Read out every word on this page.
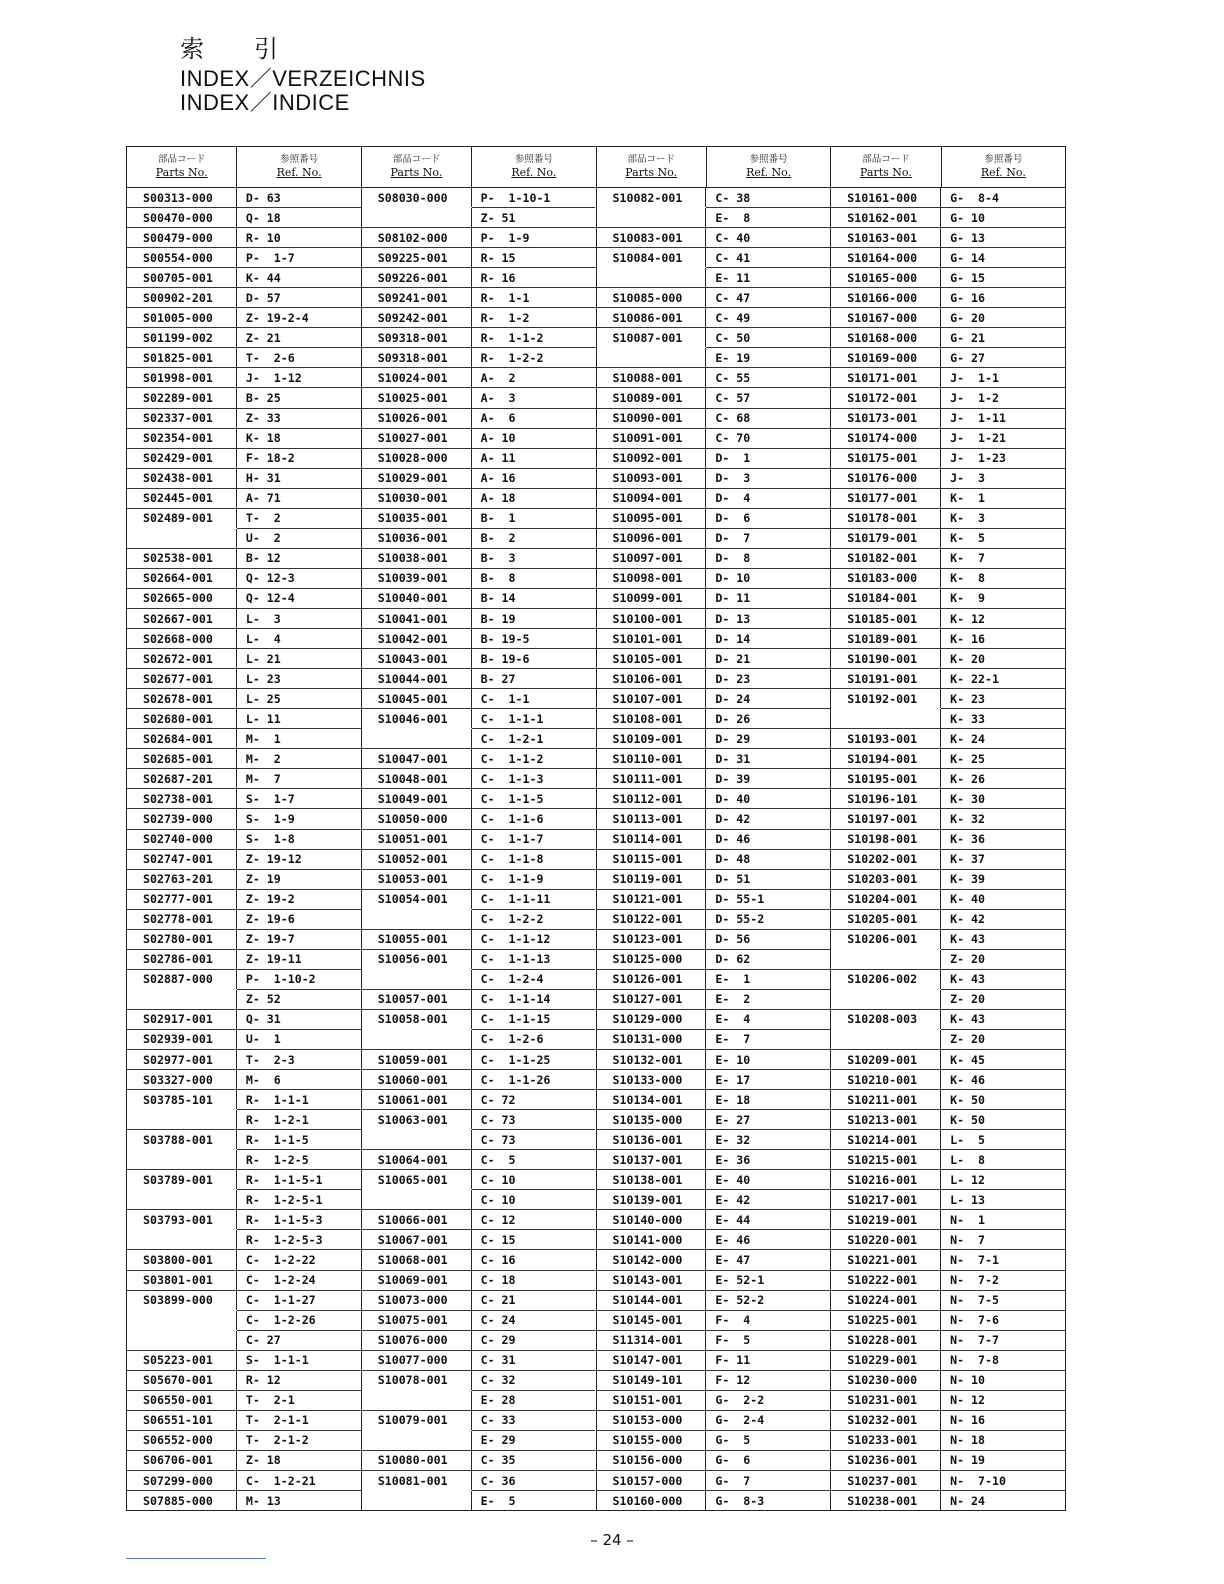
索引
INDEX／VERZEICHNIS
INDEX／INDICE
部品コード
Parts No.
参照番号
Ref. No.
S00313-000	D- 63
S00470-000	Q- 18
S00479-000	R- 10
S00554-000	P-  1-7
S00705-001	K- 44
S00902-201	D- 57
S01005-000	Z- 19-2-4
S01199-002	Z- 21
S01825-001	T-  2-6
S01998-001	J-  1-12
S02289-001	B- 25
S02337-001	Z- 33
S02354-001	K- 18
S02429-001	F- 18-2
S02438-001	H- 31
S02445-001	A- 71
S02489-001	T-  2
U-  2
S02538-001	B- 12
S02664-001	Q- 12-3
S02665-000	Q- 12-4
S02667-001	L-  3
S02668-000	L-  4
S02672-001	L- 21
S02677-001	L- 23
S02678-001	L- 25
S02680-001	L- 11
S02684-001	M-  1
S02685-001	M-  2
S02687-201	M-  7
S02738-001	S-  1-7
S02739-000	S-  1-9
S02740-000	S-  1-8
S02747-001	Z- 19-12
S02763-201	Z- 19
S02777-001	Z- 19-2
S02778-001	Z- 19-6
S02780-001	Z- 19-7
S02786-001	Z- 19-11
S02887-000	P-  1-10-2
Z- 52
S02917-001	Q- 31
S02939-001	U-  1
S02977-001	T-  2-3
S03327-000	M-  6
S03785-101	R-  1-1-1
R-  1-2-1
S03788-001	R-  1-1-5
R-  1-2-5
S03789-001	R-  1-1-5-1
R-  1-2-5-1
S03793-001	R-  1-1-5-3
R-  1-2-5-3
S03800-001	C-  1-2-22
S03801-001	C-  1-2-24
S03899-000	C-  1-1-27
C-  1-2-26
C- 27
S05223-001	S-  1-1-1
S05670-001	R- 12
S06550-001	T-  2-1
S06551-101	T-  2-1-1
S06552-000	T-  2-1-2
S06706-001	Z- 18
S07299-000	C-  1-2-21
S07885-000	M- 13
部品コード
Parts No.
参照番号
Ref. No.
S08030-000	P-  1-10-1
Z- 51
S08102-000	P-  1-9
S09225-001	R- 15
S09226-001	R- 16
S09241-001	R-  1-1
S09242-001	R-  1-2
S09318-001	R-  1-1-2
S09318-001	R-  1-2-2
S10024-001	A-  2
S10025-001	A-  3
S10026-001	A-  6
S10027-001	A- 10
S10028-000	A- 11
S10029-001	A- 16
S10030-001	A- 18
S10035-001	B-  1
S10036-001	B-  2
S10038-001	B-  3
S10039-001	B-  8
S10040-001	B- 14
S10041-001	B- 19
S10042-001	B- 19-5
S10043-001	B- 19-6
S10044-001	B- 27
S10045-001	C-  1-1
S10046-001	C-  1-1-1
C-  1-2-1
S10047-001	C-  1-1-2
S10048-001	C-  1-1-3
S10049-001	C-  1-1-5
S10050-000	C-  1-1-6
S10051-001	C-  1-1-7
S10052-001	C-  1-1-8
S10053-001	C-  1-1-9
S10054-001	C-  1-1-11
C-  1-2-2
S10055-001	C-  1-1-12
S10056-001	C-  1-1-13
C-  1-2-4
S10057-001	C-  1-1-14
S10058-001	C-  1-1-15
C-  1-2-6
S10059-001	C-  1-1-25
S10060-001	C-  1-1-26
S10061-001	C- 72
S10063-001	C- 73
C- 73
S10064-001	C-  5
S10065-001	C- 10
C- 10
S10066-001	C- 12
S10067-001	C- 15
S10068-001	C- 16
S10069-001	C- 18
S10073-000	C- 21
S10075-001	C- 24
S10076-000	C- 29
S10077-000	C- 31
S10078-001	C- 32
E- 28
S10079-001	C- 33
E- 29
S10080-001	C- 35
S10081-001	C- 36
E-  5
部品コード
Parts No.
参照番号
Ref. No.
S10082-001	C- 38
E-  8
S10083-001	C- 40
S10084-001	C- 41
E- 11
S10085-000	C- 47
S10086-001	C- 49
S10087-001	C- 50
E- 19
S10088-001	C- 55
S10089-001	C- 57
S10090-001	C- 68
S10091-001	C- 70
S10092-001	D-  1
S10093-001	D-  3
S10094-001	D-  4
S10095-001	D-  6
S10096-001	D-  7
S10097-001	D-  8
S10098-001	D- 10
S10099-001	D- 11
S10100-001	D- 13
S10101-001	D- 14
S10105-001	D- 21
S10106-001	D- 23
S10107-001	D- 24
S10108-001	D- 26
S10109-001	D- 29
S10110-001	D- 31
S10111-001	D- 39
S10112-001	D- 40
S10113-001	D- 42
S10114-001	D- 46
S10115-001	D- 48
S10119-001	D- 51
S10121-001	D- 55-1
S10122-001	D- 55-2
S10123-001	D- 56
S10125-000	D- 62
S10126-001	E-  1
S10127-001	E-  2
S10129-000	E-  4
S10131-000	E-  7
S10132-001	E- 10
S10133-000	E- 17
S10134-001	E- 18
S10135-000	E- 27
S10136-001	E- 32
S10137-001	E- 36
S10138-001	E- 40
S10139-001	E- 42
S10140-000	E- 44
S10141-000	E- 46
S10142-000	E- 47
S10143-001	E- 52-1
S10144-001	E- 52-2
S10145-001	F-  4
S11314-001	F-  5
S10147-001	F- 11
S10149-101	F- 12
S10151-001	G-  2-2
S10153-000	G-  2-4
S10155-000	G-  5
S10156-000	G-  6
S10157-000	G-  7
S10160-000	G-  8-3
部品コード
Parts No.
参照番号
Ref. No.
S10161-000	G-  8-4
S10162-001	G- 10
S10163-001	G- 13
S10164-000	G- 14
S10165-000	G- 15
S10166-000	G- 16
S10167-000	G- 20
S10168-000	G- 21
S10169-000	G- 27
S10171-001	J-  1-1
S10172-001	J-  1-2
S10173-001	J-  1-11
S10174-000	J-  1-21
S10175-001	J-  1-23
S10176-000	J-  3
S10177-001	K-  1
S10178-001	K-  3
S10179-001	K-  5
S10182-001	K-  7
S10183-000	K-  8
S10184-001	K-  9
S10185-001	K- 12
S10189-001	K- 16
S10190-001	K- 20
S10191-001	K- 22-1
S10192-001	K- 23
K- 33
S10193-001	K- 24
S10194-001	K- 25
S10195-001	K- 26
S10196-101	K- 30
S10197-001	K- 32
S10198-001	K- 36
S10202-001	K- 37
S10203-001	K- 39
S10204-001	K- 40
S10205-001	K- 42
S10206-001	K- 43
Z- 20
S10206-002	K- 43
Z- 20
S10208-003	K- 43
Z- 20
S10209-001	K- 45
S10210-001	K- 46
S10211-001	K- 50
S10213-001	K- 50
S10214-001	L-  5
S10215-001	L-  8
S10216-001	L- 12
S10217-001	L- 13
S10219-001	N-  1
S10220-001	N-  7
S10221-001	N-  7-1
S10222-001	N-  7-2
S10224-001	N-  7-5
S10225-001	N-  7-6
S10228-001	N-  7-7
S10229-001	N-  7-8
S10230-000	N- 10
S10231-001	N- 12
S10232-001	N- 16
S10233-001	N- 18
S10236-001	N- 19
S10237-001	N-  7-10
S10238-001	N- 24
– 24 –
